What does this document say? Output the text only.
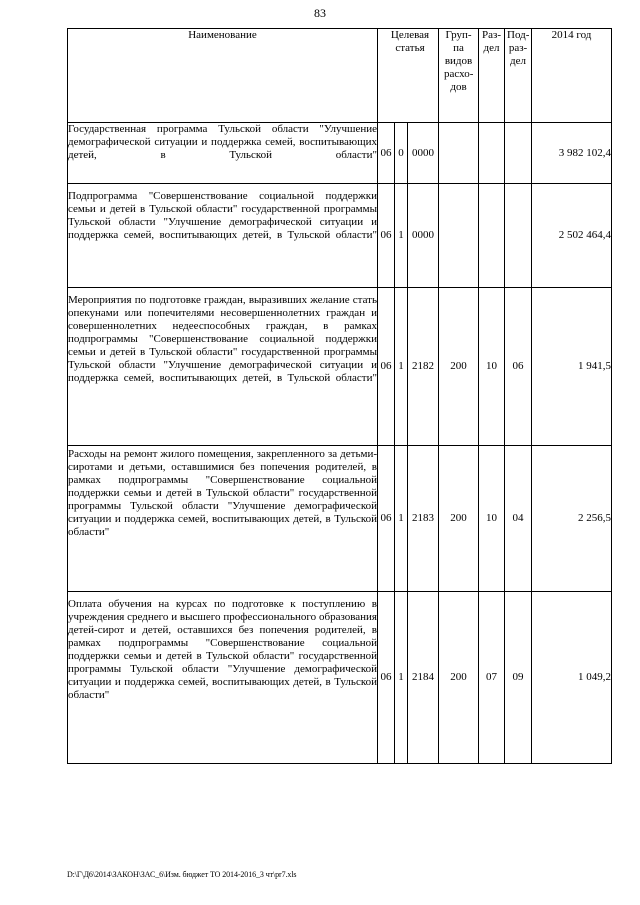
83
Наименование	Целевая статья			Груп-па видов расхо-дов	Раз-дел	Под-раз-дел	2014 год
Государственная программа Тульской области "Улучшение демографической ситуации и поддержка семей, воспитывающих детей, в Тульской области"	06	0	0000				3 982 102,4
Подпрограмма "Совершенствование социальной поддержки семьи и детей в Тульской области" государственной программы Тульской области "Улучшение демографической ситуации и поддержка семей, воспитывающих детей, в Тульской области"	06	1	0000				2 502 464,4
Мероприятия по подготовке граждан, выразивших желание стать опекунами или попечителями несовершеннолетних граждан и совершеннолетних недееспособных граждан, в рамках подпрограммы "Совершенствование социальной поддержки семьи и детей в Тульской области" государственной программы Тульской области "Улучшение демографической ситуации и поддержка семей, воспитывающих детей, в Тульской области"	06	1	2182	200	10	06	1 941,5
Расходы на ремонт жилого помещения, закрепленного за детьми-сиротами и детьми, оставшимися без попечения родителей, в рамках подпрограммы "Совершенствование социальной поддержки семьи и детей в Тульской области" государственной программы Тульской области "Улучшение демографической ситуации и поддержка семей, воспитывающих детей, в Тульской области"	06	1	2183	200	10	04	2 256,5
Оплата обучения на курсах по подготовке к поступлению в учреждения среднего и высшего профессионального образования детей-сирот и детей, оставшихся без попечения родителей, в рамках подпрограммы "Совершенствование социальной поддержки семьи и детей в Тульской области" государственной программы Тульской области "Улучшение демографической ситуации и поддержка семей, воспитывающих детей, в Тульской области"	06	1	2184	200	07	09	1 049,2
D:\Г\Д6\2014\ЗАКОН\ЗАС_6\Изм. бюджет ТО 2014-2016_3 чт\pr7.xls
